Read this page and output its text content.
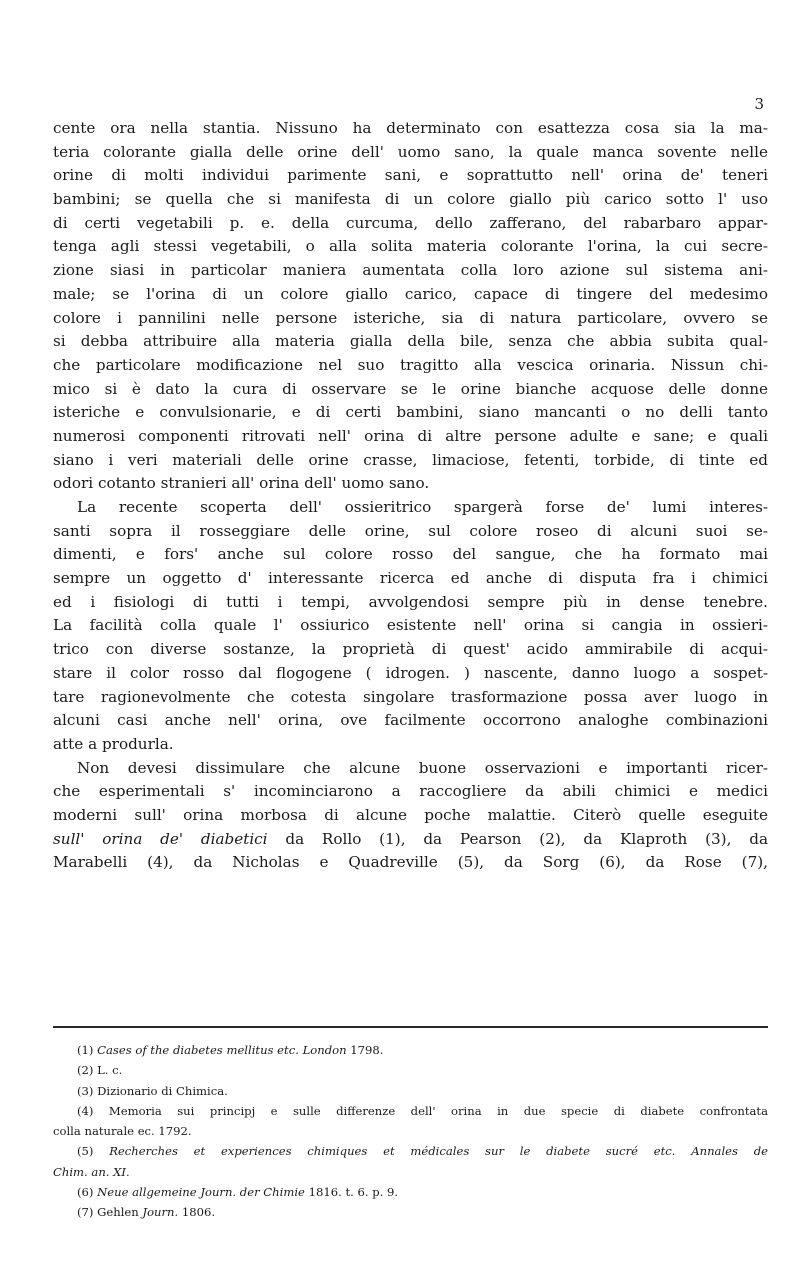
3
cente ora nella stantia. Nissuno ha determinato con esattezza cosa sia la ma-
teria colorante gialla delle orine dell' uomo sano, la quale manca sovente nelle
orine di molti individui parimente sani, e soprattutto nell' orina de' teneri
bambini; se quella che si manifesta di un colore giallo più carico sotto l' uso
di certi vegetabili p. e. della curcuma, dello zafferano, del rabarbaro appar-
tenga agli stessi vegetabili, o alla solita materia colorante l'orina, la cui secre-
zione siasi in particolar maniera aumentata colla loro azione sul sistema ani-
male; se l'orina di un colore giallo carico, capace di tingere del medesimo
colore i pannilini nelle persone isteriche, sia di natura particolare, ovvero se
si debba attribuire alla materia gialla della bile, senza che abbia subita qual-
che particolare modificazione nel suo tragitto alla vescica orinaria. Nissun chi-
mico si è dato la cura di osservare se le orine bianche acquose delle donne
isteriche e convulsionarie, e di certi bambini, siano mancanti o no delli tanto
numerosi componenti ritrovati nell' orina di altre persone adulte e sane; e quali
siano i veri materiali delle orine crasse, limaciose, fetenti, torbide, di tinte ed
odori cotanto stranieri all' orina dell' uomo sano.
La recente scoperta dell' ossieritrico spargerà forse de' lumi interes-
santi sopra il rosseggiare delle orine, sul colore roseo di alcuni suoi se-
dimenti, e fors' anche sul colore rosso del sangue, che ha formato mai
sempre un oggetto d' interessante ricerca ed anche di disputa fra i chimici
ed i fisiologi di tutti i tempi, avvolgendosi sempre più in dense tenebre.
La facilità colla quale l' ossiurico esistente nell' orina si cangia in ossieri-
trico con diverse sostanze, la proprietà di quest' acido ammirabile di acqui-
stare il color rosso dal flogogene ( idrogen. ) nascente, danno luogo a sospet-
tare ragionevolmente che cotesta singolare trasformazione possa aver luogo in
alcuni casi anche nell' orina, ove facilmente occorrono analoghe combinazioni
atte a produrla.
Non devesi dissimulare che alcune buone osservazioni e importanti ricer-
che esperimentali s' incominciarono a raccogliere da abili chimici e medici
moderni sull' orina morbosa di alcune poche malattie. Citerò quelle eseguite
sull' orina de' diabetici da Rollo (1), da Pearson (2), da Klaproth (3), da
Marabelli (4), da Nicholas e Quadreville (5), da Sorg (6), da Rose (7),
(1) Cases of the diabetes mellitus etc. London 1798.
(2) L. c.
(3) Dizionario di Chimica.
(4) Memoria sui principj e sulle differenze dell' orina in due specie di diabete confrontata
colla naturale ec. 1792.
(5) Recherches et experiences chimiques et médicales sur le diabete sucré etc. Annales de
Chim. an. XI.
(6) Neue allgemeine Journ. der Chimie 1816. t. 6. p. 9.
(7) Gehlen Journ. 1806.
